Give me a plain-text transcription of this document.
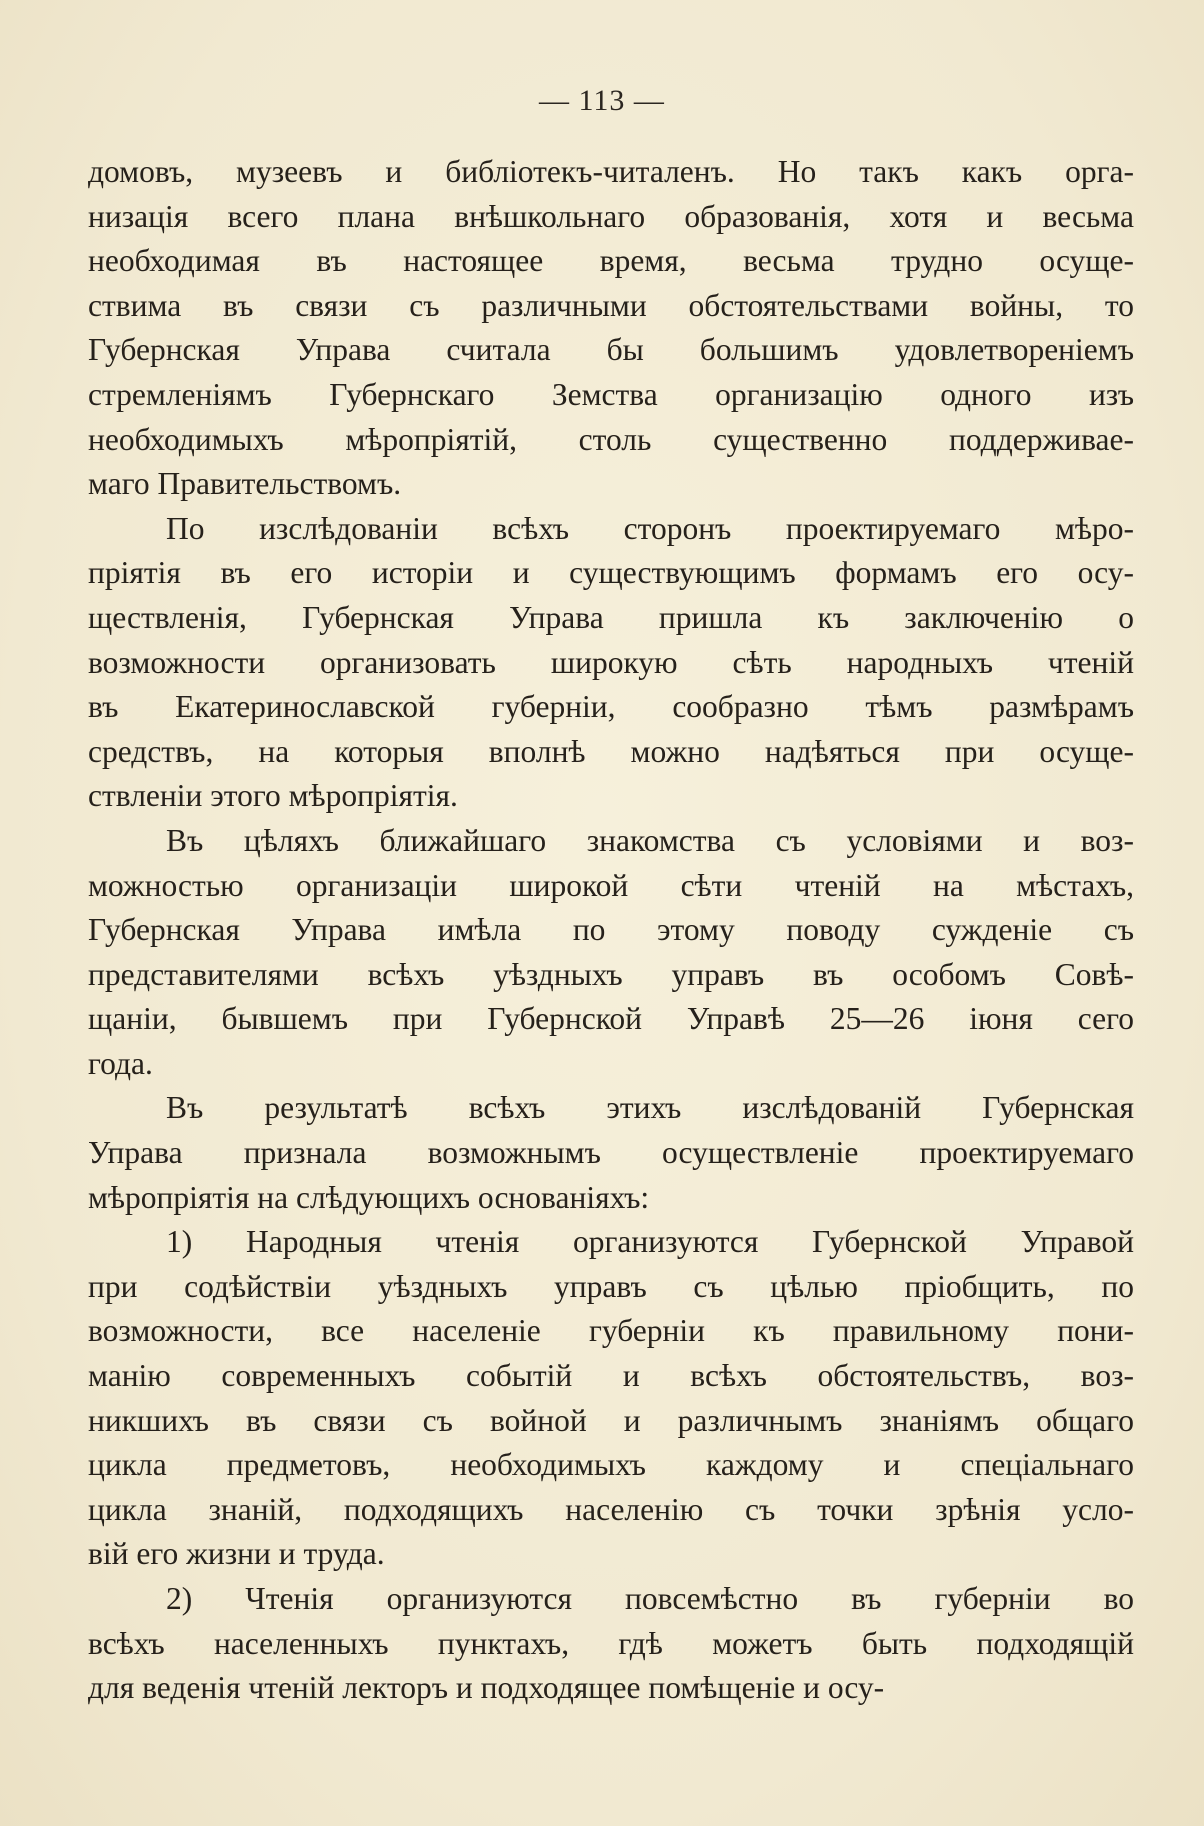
— 113 —
домовъ, музеевъ и библіотекъ-читаленъ. Но такъ какъ орга-
низація всего плана внѣшкольнаго образованія, хотя и весьма
необходимая въ настоящее время, весьма трудно осуще-
ствима въ связи съ различными обстоятельствами войны, то
Губернская Управа считала бы большимъ удовлетвореніемъ
стремленіямъ Губернскаго Земства организацію одного изъ
необходимыхъ мѣропріятій, столь существенно поддерживае-
маго Правительствомъ.
По изслѣдованіи всѣхъ сторонъ проектируемаго мѣро-
пріятія въ его исторіи и существующимъ формамъ его осу-
ществленія, Губернская Управа пришла къ заключенію о
возможности организовать широкую сѣть народныхъ чтеній
въ Екатеринославской губерніи, сообразно тѣмъ размѣрамъ
средствъ, на которыя вполнѣ можно надѣяться при осуще-
ствленіи этого мѣропріятія.
Въ цѣляхъ ближайшаго знакомства съ условіями и воз-
можностью организаціи широкой сѣти чтеній на мѣстахъ,
Губернская Управа имѣла по этому поводу сужденіе съ
представителями всѣхъ уѣздныхъ управъ въ особомъ Совѣ-
щаніи, бывшемъ при Губернской Управѣ 25—26 іюня сего
года.
Въ результатѣ всѣхъ этихъ изслѣдованій Губернская
Управа признала возможнымъ осуществленіе проектируемаго
мѣропріятія на слѣдующихъ основаніяхъ:
1) Народныя чтенія организуются Губернской Управой
при содѣйствіи уѣздныхъ управъ съ цѣлью пріобщить, по
возможности, все населеніе губерніи къ правильному пони-
манію современныхъ событій и всѣхъ обстоятельствъ, воз-
никшихъ въ связи съ войной и различнымъ знаніямъ общаго
цикла предметовъ, необходимыхъ каждому и спеціальнаго
цикла знаній, подходящихъ населенію съ точки зрѣнія усло-
вій его жизни и труда.
2) Чтенія организуются повсемѣстно въ губерніи во
всѣхъ населенныхъ пунктахъ, гдѣ можетъ быть подходящій
для веденія чтеній лекторъ и подходящее помѣщеніе и осу-
